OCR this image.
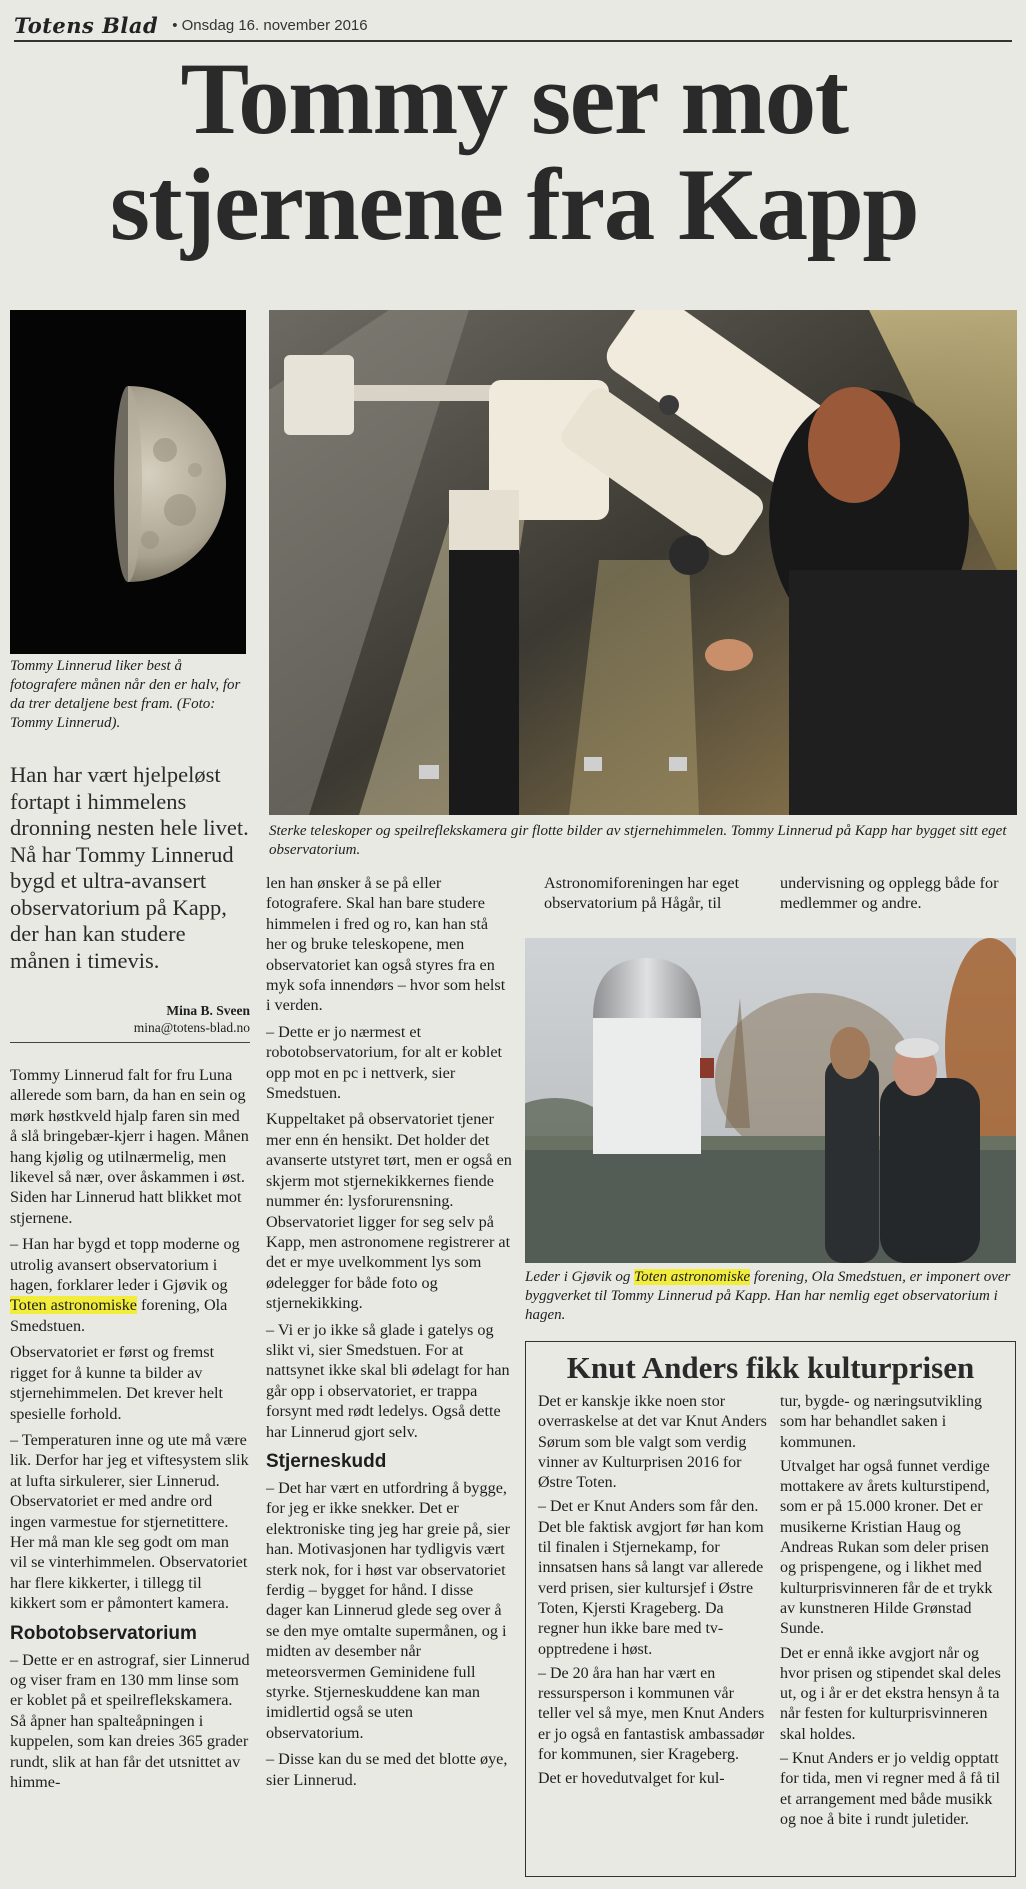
Totens Blad • Onsdag 16. november 2016
Tommy ser mot
stjernene fra Kapp
Tommy Linnerud liker best å fotografere månen når den er halv, for da trer detaljene best fram. (Foto: Tommy Linnerud).
Sterke teleskoper og speilreflekskamera gir flotte bilder av stjernehimmelen. Tommy Linnerud på Kapp har bygget sitt eget observatorium.
Han har vært hjelpeløst fortapt i himmelens dronning nesten hele livet. Nå har Tommy Linnerud bygd et ultra-avansert observatorium på Kapp, der han kan studere månen i timevis.
Mina B. Sveen
mina@totens-blad.no

Tommy Linnerud falt for fru Luna allerede som barn, da han en sein og mørk høstkveld hjalp faren sin med å slå bringebær-kjerr i hagen. Månen hang kjølig og utilnærmelig, men likevel så nær, over åskammen i øst. Siden har Linnerud hatt blikket mot stjernene.

– Han har bygd et topp moderne og utrolig avansert observatorium i hagen, forklarer leder i Gjøvik og Toten astronomiske forening, Ola Smedstuen.

Observatoriet er først og fremst rigget for å kunne ta bilder av stjernehimmelen. Det krever helt spesielle forhold.

– Temperaturen inne og ute må være lik. Derfor har jeg et viftesystem slik at lufta sirkulerer, sier Linnerud. Observatoriet er med andre ord ingen varmestue for stjernetittere. Her må man kle seg godt om man vil se vinterhimmelen. Observatoriet har flere kikkerter, i tillegg til kikkert som er påmontert kamera.

Robotobservatorium

– Dette er en astrograf, sier Linnerud og viser fram en 130 mm linse som er koblet på et speilreflekskamera. Så åpner han spalteåpningen i kuppelen, som kan dreies 365 grader rundt, slik at han får det utsnittet av himme-

len han ønsker å se på eller fotografere. Skal han bare studere himmelen i fred og ro, kan han stå her og bruke teleskopene, men observatoriet kan også styres fra en myk sofa innendørs – hvor som helst i verden.

– Dette er jo nærmest et robotobservatorium, for alt er koblet opp mot en pc i nettverk, sier Smedstuen.

Kuppeltaket på observatoriet tjener mer enn én hensikt. Det holder det avanserte utstyret tørt, men er også en skjerm mot stjernekikkernes fiende nummer én: lysforurensning. Observatoriet ligger for seg selv på Kapp, men astronomene registrerer at det er mye uvelkomment lys som ødelegger for både foto og stjernekikking.

– Vi er jo ikke så glade i gatelys og slikt vi, sier Smedstuen. For at nattsynet ikke skal bli ødelagt for han går opp i observatoriet, er trappa forsynt med rødt ledelys. Også dette har Linnerud gjort selv.

Stjerneskudd

– Det har vært en utfordring å bygge, for jeg er ikke snekker. Det er elektroniske ting jeg har greie på, sier han. Motivasjonen har tydligvis vært sterk nok, for i høst var observatoriet ferdig – bygget for hånd. I disse dager kan Linnerud glede seg over å se den mye omtalte supermånen, og i midten av desember når meteorsvermen Geminidene full styrke. Stjerneskuddene kan man imidlertid også se uten observatorium.

– Disse kan du se med det blotte øye, sier Linnerud.

Astronomiforeningen har eget observatorium på Hågår, til

undervisning og opplegg både for medlemmer og andre.

Leder i Gjøvik og Toten astronomiske forening, Ola Smedstuen, er imponert over byggverket til Tommy Linnerud på Kapp. Han har nemlig eget observatorium i hagen.
Knut Anders fikk kulturprisen

Det er kanskje ikke noen stor overraskelse at det var Knut Anders Sørum som ble valgt som verdig vinner av Kulturprisen 2016 for Østre Toten.

– Det er Knut Anders som får den. Det ble faktisk avgjort før han kom til finalen i Stjernekamp, for innsatsen hans så langt var allerede verd prisen, sier kultursjef i Østre Toten, Kjersti Krageberg. Da regner hun ikke bare med tv-opptredene i høst.

– De 20 åra han har vært en ressursperson i kommunen vår teller vel så mye, men Knut Anders er jo også en fantastisk ambassadør for kommunen, sier Krageberg.

Det er hovedutvalget for kul-

tur, bygde- og næringsutvikling som har behandlet saken i kommunen.

Utvalget har også funnet verdige mottakere av årets kulturstipend, som er på 15.000 kroner. Det er musikerne Kristian Haug og Andreas Rukan som deler prisen og prispengene, og i likhet med kulturprisvinneren får de et trykk av kunstneren Hilde Grønstad Sunde.

Det er ennå ikke avgjort når og hvor prisen og stipendet skal deles ut, og i år er det ekstra hensyn å ta når festen for kulturprisvinneren skal holdes.

– Knut Anders er jo veldig opptatt for tida, men vi regner med å få til et arrangement med både musikk og noe å bite i rundt juletider.
